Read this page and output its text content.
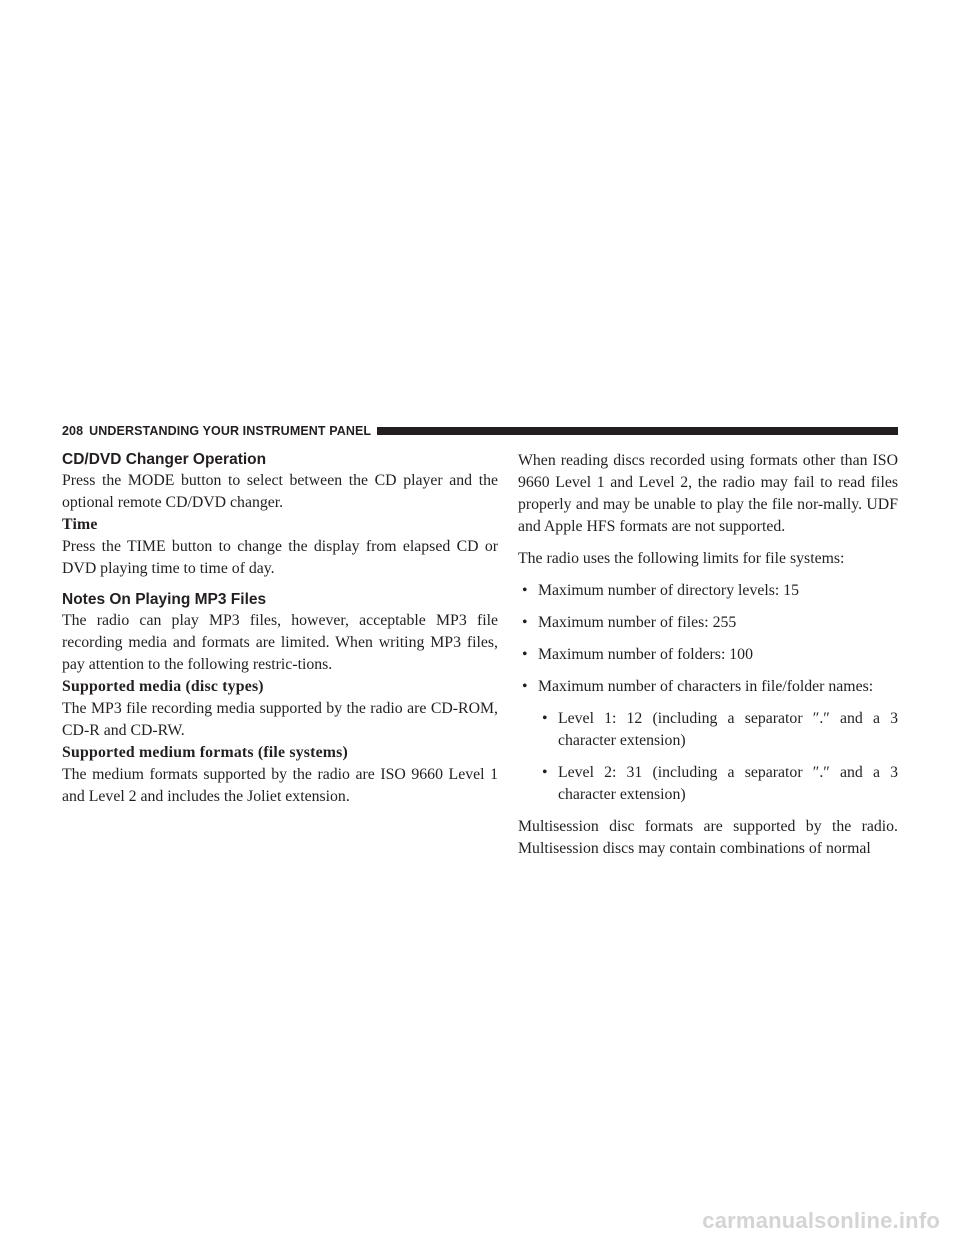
208 UNDERSTANDING YOUR INSTRUMENT PANEL
CD/DVD Changer Operation

Press the MODE button to select between the CD player and the optional remote CD/DVD changer.

Time

Press the TIME button to change the display from elapsed CD or DVD playing time to time of day.

Notes On Playing MP3 Files

The radio can play MP3 files, however, acceptable MP3 file recording media and formats are limited. When writing MP3 files, pay attention to the following restric-tions.

Supported media (disc types)

The MP3 file recording media supported by the radio are CD-ROM, CD-R and CD-RW.

Supported medium formats (file systems)

The medium formats supported by the radio are ISO 9660 Level 1 and Level 2 and includes the Joliet extension.

When reading discs recorded using formats other than ISO 9660 Level 1 and Level 2, the radio may fail to read files properly and may be unable to play the file nor-mally. UDF and Apple HFS formats are not supported.

The radio uses the following limits for file systems:

• Maximum number of directory levels: 15
• Maximum number of files: 255
• Maximum number of folders: 100
• Maximum number of characters in file/folder names:
• Level 1: 12 (including a separator ″.″ and a 3 character extension)
• Level 2: 31 (including a separator ″.″ and a 3 character extension)

Multisession disc formats are supported by the radio. Multisession discs may contain combinations of normal

carmanualsonline.info
